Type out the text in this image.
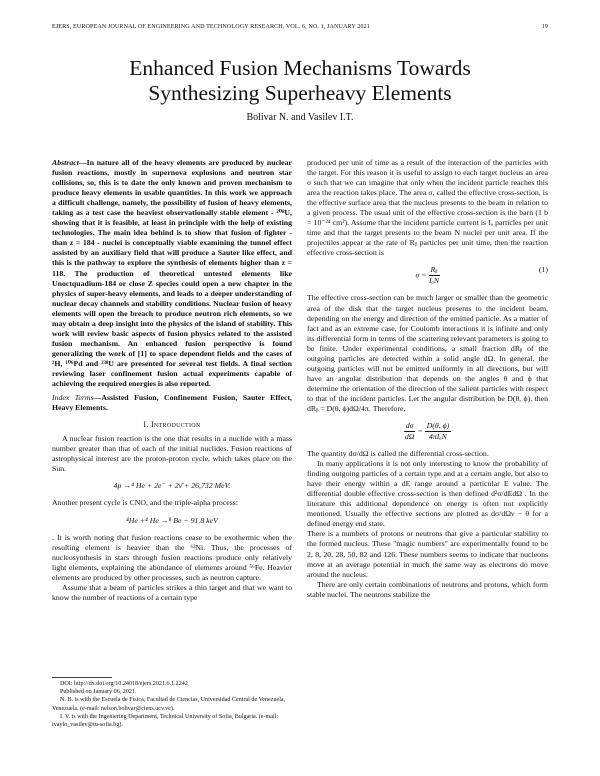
EJERS, EUROPEAN JOURNAL OF ENGINEERING AND TECHNOLOGY RESEARCH, VOL. 6, NO. 1, JANUARY 2021	19
Enhanced Fusion Mechanisms Towards
Synthesizing Superheavy Elements
Bolivar N. and Vasilev I.T.

Abstract—In nature all of the heavy elements are produced by nuclear fusion reactions, mostly in supernova explosions and neutron star collisions, so, this is to date the only known and proven mechanism to produce heavy elements in usable quantities. In this work we approach a difficult challenge, namely, the possibility of fusion of heavy elements, taking as a test case the heaviest observationally stable element - ²⁰⁸U, showing that it is feasible, at least in principle with the help of existing technologies. The main idea behind is to show that fusion of fighter - than z = 184 - nuclei is conceptually viable examining the tunnel effect assisted by an auxiliary field that will produce a Sauter like effect, and this is the pathway to explore the synthesis of elements higher than z = 118. The production of theoretical untested elements like Unoctquadium-184 or close Z species could open a new chapter in the physics of super-heavy elements, and leads to a deeper understanding of nuclear decay channels and stability conditions. Nuclear fusion of heavy elements will open the breach to produce neutron rich elements, so we may obtain a deep insight into the physics of the island of stability. This work will review basic aspects of fusion physics related to the assisted fusion mechanism. An enhanced fusion perspective is found generalizing the work of [1] to space dependent fields and the cases of ²H, ¹⁰⁶Pd and ²³⁸U are presented for several test fields. A final section reviewing laser confinement fusion actual experiments capable of achieving the required energies is also reported.

Index Terms—Assisted Fusion, Confinement Fusion, Sauter Effect, Heavy Elements.

I. Introduction

A nuclear fusion reaction is the one that results in a nuclide with a mass number greater than that of each of the initial nuclides. Fusion reactions of astrophysical interest are the proton-proton cycle, which takes place on the Sun.

4p →⁴ He + 2e⁻ + 2ν̄ + 26,732 MeV.

Another present cycle is CNO, and the triple-alpha process:

⁴He +⁴ He →⁸ Be − 91.8 keV

. It is worth noting that fusion reactions cease to be exothermic when the resulting element is heavier than the ⁶²Ni. Thus, the processes of nucleosynthesis in stars through fusion reactions produce only relatively light elements, explaining the abundance of elements around ⁵⁶Fe. Heavier elements are produced by other processes, such as neutron capture.

Assume that a beam of particles strikes a thin target and that we want to know the number of reactions of a certain type

DOI: http://dx.doi.org/10.24018/ejers.2021.6.1.2242

Published on January 06, 2021.

N. B. is with the Escuela de Física, Facultad de Ciencias, Universidad Central de Venezuela, Venezuela. (e-mail: nelson.bolivar@ciens.ucv.ve).

I. V. is with the Ingeniering Department, Technical University of Sofia, Bulgaria. (e-mail: ivaylo_vasilev@tu-sofia.bg).

produced per unit of time as a result of the interaction of the particles with the target. For this reason it is useful to assign to each target nucleus an area σ such that we can imagine that only when the incident particle reaches this area the reaction takes place. The area σ, called the effective cross-section, is the effective surface area that the nucleus presents to the beam in relation to a given process. The usual unit of the effective cross-section is the barn (1 b = 10⁻²⁴ cm²). Assume that the incident particle current is Iₐ particles per unit time and that the target presents to the beam N nuclei per unit area. If the projectiles appear at the rate of Rᵦ particles per unit time, then the reaction effective cross-section is

$\sigma = \frac{\text{Rᵦ}}{\text{IₐN}}$	(1)

The effective cross-section can be much larger or smaller than the geometric area of the disk that the target nucleus presents to the incident beam, depending on the energy and direction of the emitted particle. As a matter of fact and as an extreme case, for Coulomb interactions it is infinite and only its differential form in terms of the scattering relevant parameters is going to be finite. Under experimental conditions, a small fraction dRᵦ of the outgoing particles are detected within a solid angle dΩ. In general, the outgoing particles will not be emitted uniformly in all directions, but will have an angular distribution that depends on the angles θ and ϕ that determine the orientation of the direction of the salient particles with respect to that of the incident particles. Let the angular distribution be D(θ, ϕ), then dRᵦ = D(θ, ϕ)dΩ/4π. Therefore,

$\frac{d\sigma}{d\Omega} = \frac{D(\theta, \phi)}{\text{4πIₐN}}$

The quantity dσ/dΩ is called the differential cross-section.

In many applications it is not only interesting to know the probability of finding outgoing particles of a certain type and at a certain angle, but also to have their energy within a dE range around a particular E value. The differential double effective cross-section is then defined d²σ/dEdΩ . In the literature this additional dependence on energy is often not explicitly mentioned. Usually the effective sections are plotted as dσ/dΩν − θ for a defined energy end state.

There is a numbers of protons or neutrons that give a particular stability to the formed nucleus. These "magic numbers" are experimentally found to be 2, 8, 20, 28, 50, 82 and 126. These numbers seems to indicate that nucleons move at an average potential in much the same way as electrons do move around the nucleus.

There are only certain combinations of neutrons and protons, which form stable nuclei. The neutrons stabilize the
